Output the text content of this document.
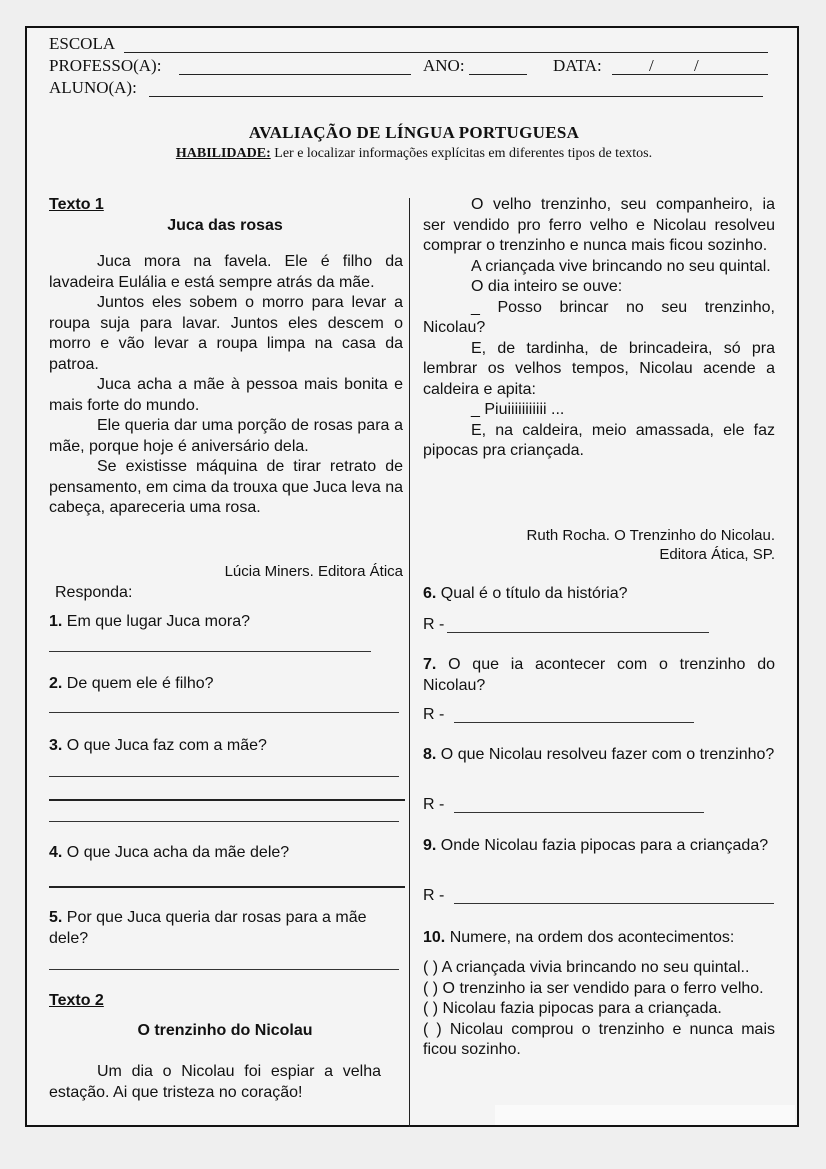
ESCOLA
PROFESSO(A):	ANO:	DATA:	/ /
ALUNO(A):
AVALIAÇÃO DE LÍNGUA PORTUGUESA
HABILIDADE: Ler e localizar informações explícitas em diferentes tipos de textos.
Texto 1
Juca das rosas
Juca mora na favela. Ele é filho da lavadeira Eulália e está sempre atrás da mãe.
Juntos eles sobem o morro para levar a roupa suja para lavar. Juntos eles descem o morro e vão levar a roupa limpa na casa da patroa.
Juca acha a mãe à pessoa mais bonita e mais forte do mundo.
Ele queria dar uma porção de rosas para a mãe, porque hoje é aniversário dela.
Se existisse máquina de tirar retrato de pensamento, em cima da trouxa que Juca leva na cabeça, apareceria uma rosa.
Lúcia Miners. Editora Ática
Responda:
1. Em que lugar Juca mora?
2. De quem ele é filho?
3. O que Juca faz com a mãe?
4. O que Juca acha da mãe dele?
5. Por que Juca queria dar rosas para a mãe dele?
Texto 2
O trenzinho do Nicolau
Um dia o Nicolau foi espiar a velha estação. Ai que tristeza no coração!
O velho trenzinho, seu companheiro, ia ser vendido pro ferro velho e Nicolau resolveu comprar o trenzinho e nunca mais ficou sozinho.
A criançada vive brincando no seu quintal.
O dia inteiro se ouve:
_ Posso brincar no seu trenzinho, Nicolau?
E, de tardinha, de brincadeira, só pra lembrar os velhos tempos, Nicolau acende a caldeira e apita:
_ Piuiiiiiiiiiii ...
E, na caldeira, meio amassada, ele faz pipocas pra criançada.
Ruth Rocha. O Trenzinho do Nicolau.
Editora Ática, SP.
6. Qual é o título da história?
R -
7. O que ia acontecer com o trenzinho do Nicolau?
R -
8. O que Nicolau resolveu fazer com o trenzinho?
R -
9. Onde Nicolau fazia pipocas para a criançada?
R -
10. Numere, na ordem dos acontecimentos:
( ) A criançada vivia brincando no seu quintal..
( ) O trenzinho ia ser vendido para o ferro velho.
( ) Nicolau fazia pipocas para a criançada.
( ) Nicolau comprou o trenzinho e nunca mais ficou sozinho.
